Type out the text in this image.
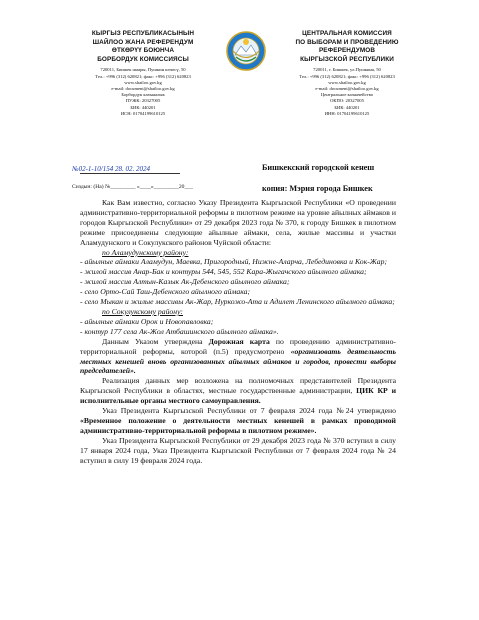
КЫРГЫЗ РЕСПУБЛИКАСЫНЫН
ШАЙЛОО ЖАНА РЕФЕРЕНДУМ
ӨТКӨРҮҮ БОЮНЧА
БОРБОРДУК КОМИССИЯСЫ
720011, Бишкек шаары, Пушкин көчөсү, 50
Тел.: +996 (312) 620821; факс: +996 (312) 620823
www.shailoo.gov.kg
e-mail: document@shailoo.gov.kg
Борбордук казыналык
ПУЖК: 20327005
БИК: 440201
ИСН: 01704199610125
ЦЕНТРАЛЬНАЯ КОМИССИЯ
ПО ВЫБОРАМ И ПРОВЕДЕНИЮ
РЕФЕРЕНДУМОВ
КЫРГЫЗСКОЙ РЕСПУБЛИКИ
720011, г. Бишкек, ул.Пушкина, 50
Тел.: +996 (312) 620821; факс: +996 (312) 620823
www.shailoo.gov.kg
e-mail: document@shailoo.gov.kg
Центральное казначейство
ОКПО: 20327005
БИК: 440201
ИНН: 01704199610125
№02-1-10/154 28. 02. 2024
Сиздын: (На) №_________ «____»_________20___
Бишкекский городской кенеш
копия: Мэрия города Бишкек

Как Вам известно, согласно Указу Президента Кыргызской Республики «О проведении административно-территориальной реформы в пилотном режиме на уровне айылных аймаков и городов Кыргызской Республики» от 29 декабря 2023 года № 370, к городу Бишкек в пилотном режиме присоединены следующие айылные аймаки, села, жилые массивы и участки Аламудунского и Сокулукского районов Чуйской области:

по Аламудунскому району:

- айылные аймаки Аламудун, Маевка, Пригородный, Нижне-Аларча, Лебединовка и Кок-Жар;

- жилой массив Анар-Бак и контуры 544, 545, 552 Кара-Жыгачского айылного аймака;

- жилой массив Алтын-Казык Ак-Дебенского айылного аймака;

- село Орто-Сай Таш-Дебенского айылного аймака;

- село Мыкан и жилые массивы Ак-Жар, Нуркожо-Ата и Адилет Ленинского айылного аймака;

по Сокулукскому району:

- айылные аймаки Орок и Новопавловка;

- контур 177 села Ак-Жол Атбашинского айылного аймака».

Данным Указом утверждена Дорожная карта по проведению административно-территориальной реформы, которой (п.5) предусмотрено «организовать деятельность местных кенешей вновь организованных айылных аймаков и городов, провести выборы председателей».

Реализация данных мер возложена на полномочных представителей Президента Кыргызской Республики в областях, местные государственные администрации, ЦИК КР и исполнительные органы местного самоуправления.

Указ Президента Кыргызской Республики от 7 февраля 2024 года №24 утверждено «Временное положение о деятельности местных кенешей в рамках проводимой административно-территориальной реформы в пилотном режиме».

Указ Президента Кыргызской Республики от 29 декабря 2023 года № 370 вступил в силу 17 января 2024 года, Указ Президента Кыргызской Республики от 7 февраля 2024 года № 24 вступил в силу 19 февраля 2024 года.
